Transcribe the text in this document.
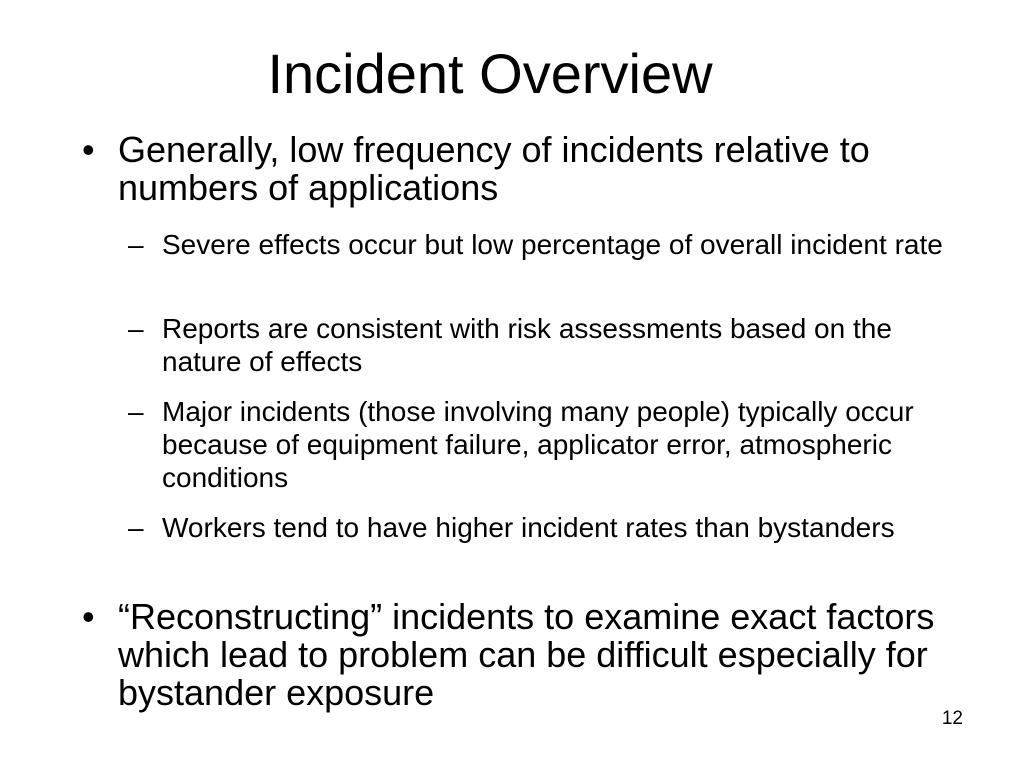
Incident Overview
• Generally, low frequency of incidents relative to numbers of applications
– Severe effects occur but low percentage of overall incident rate
– Reports are consistent with risk assessments based on the nature of effects
– Major incidents (those involving many people) typically occur because of equipment failure, applicator error, atmospheric conditions
– Workers tend to have higher incident rates than bystanders
• “Reconstructing” incidents to examine exact factors which lead to problem can be difficult especially for bystander exposure
12
